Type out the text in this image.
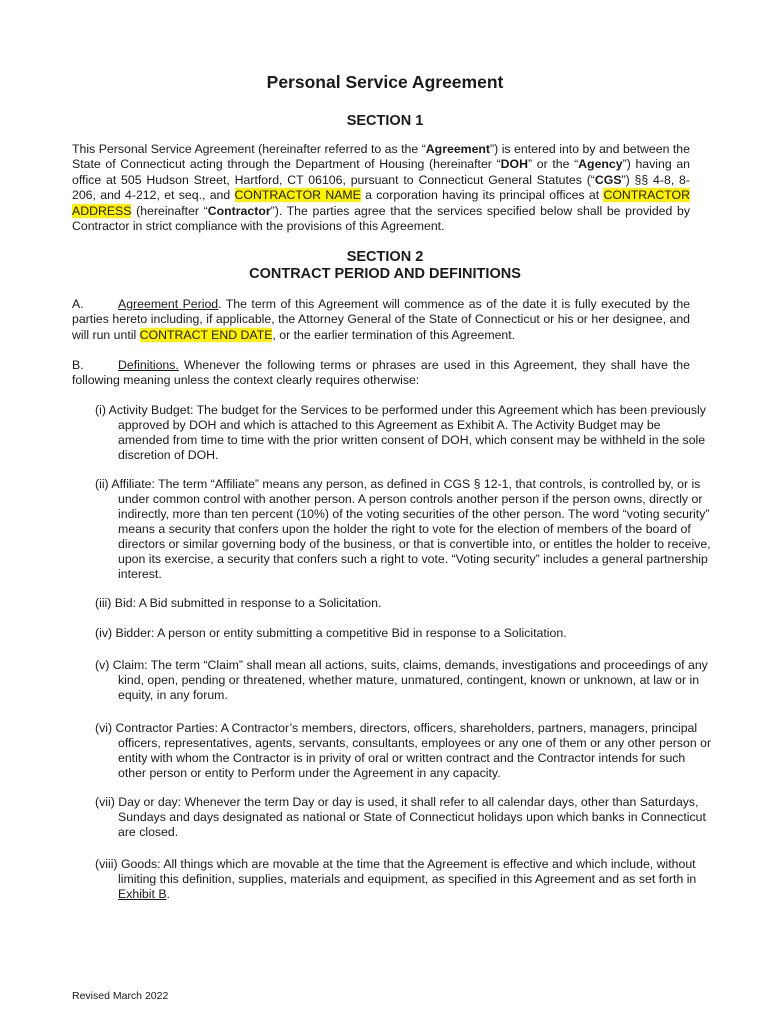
Personal Service Agreement
SECTION 1

This Personal Service Agreement (hereinafter referred to as the “Agreement”) is entered into by and between the State of Connecticut acting through the Department of Housing (hereinafter “DOH” or the “Agency”) having an office at 505 Hudson Street, Hartford, CT 06106, pursuant to Connecticut General Statutes (“CGS”) §§ 4-8, 8-206, and 4-212, et seq., and CONTRACTOR NAME a corporation having its principal offices at CONTRACTOR ADDRESS (hereinafter “Contractor”). The parties agree that the services specified below shall be provided by Contractor in strict compliance with the provisions of this Agreement.

SECTION 2
CONTRACT PERIOD AND DEFINITIONS

A.	Agreement Period. The term of this Agreement will commence as of the date it is fully executed by the parties hereto including, if applicable, the Attorney General of the State of Connecticut or his or her designee, and will run until CONTRACT END DATE, or the earlier termination of this Agreement.

B.	Definitions. Whenever the following terms or phrases are used in this Agreement, they shall have the following meaning unless the context clearly requires otherwise:

(i) Activity Budget: The budget for the Services to be performed under this Agreement which has been previously approved by DOH and which is attached to this Agreement as Exhibit A. The Activity Budget may be amended from time to time with the prior written consent of DOH, which consent may be withheld in the sole discretion of DOH.

(ii) Affiliate: The term “Affiliate” means any person, as defined in CGS § 12-1, that controls, is controlled by, or is under common control with another person. A person controls another person if the person owns, directly or indirectly, more than ten percent (10%) of the voting securities of the other person. The word “voting security” means a security that confers upon the holder the right to vote for the election of members of the board of directors or similar governing body of the business, or that is convertible into, or entitles the holder to receive, upon its exercise, a security that confers such a right to vote. “Voting security” includes a general partnership interest.

(iii) Bid: A Bid submitted in response to a Solicitation.

(iv) Bidder: A person or entity submitting a competitive Bid in response to a Solicitation.

(v) Claim: The term “Claim” shall mean all actions, suits, claims, demands, investigations and proceedings of any kind, open, pending or threatened, whether mature, unmatured, contingent, known or unknown, at law or in equity, in any forum.

(vi) Contractor Parties: A Contractor’s members, directors, officers, shareholders, partners, managers, principal officers, representatives, agents, servants, consultants, employees or any one of them or any other person or entity with whom the Contractor is in privity of oral or written contract and the Contractor intends for such other person or entity to Perform under the Agreement in any capacity.

(vii) Day or day: Whenever the term Day or day is used, it shall refer to all calendar days, other than Saturdays, Sundays and days designated as national or State of Connecticut holidays upon which banks in Connecticut are closed.

(viii) Goods: All things which are movable at the time that the Agreement is effective and which include, without limiting this definition, supplies, materials and equipment, as specified in this Agreement and as set forth in Exhibit B.

Revised March 2022
